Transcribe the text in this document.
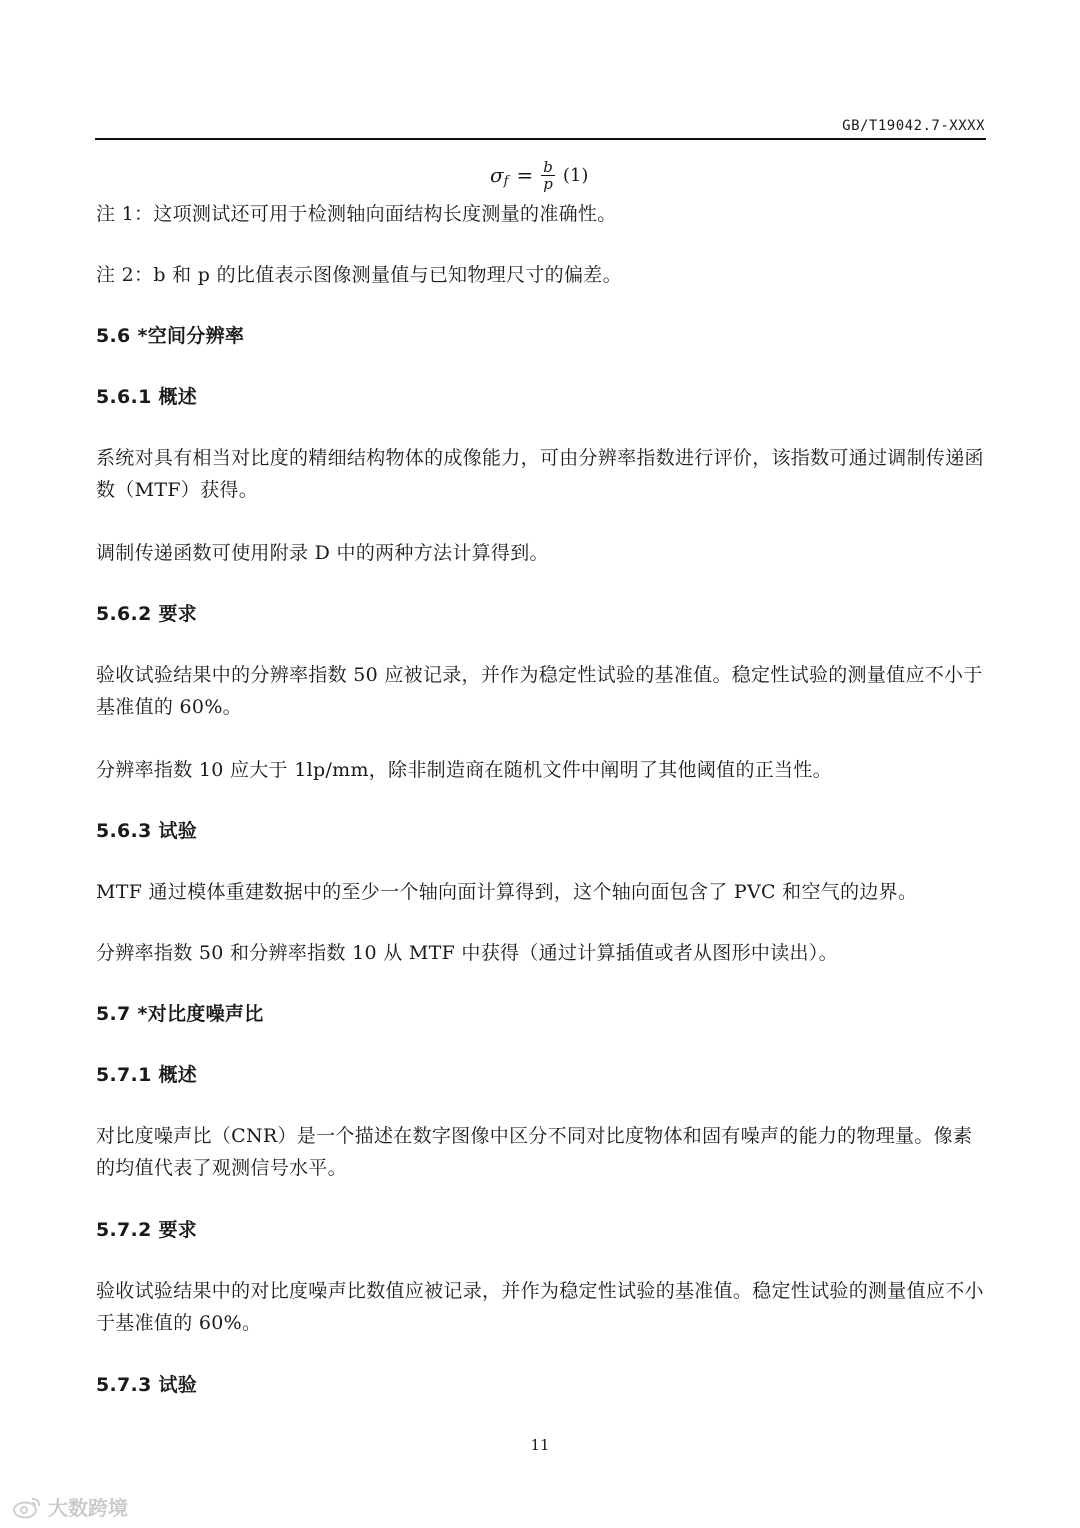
GB/T19042.7-XXXX
σ $f = \frac{b}{p} (1)$
注 1：这项测试还可用于检测轴向面结构长度测量的准确性。
注 2：b 和 p 的比值表示图像测量值与已知物理尺寸的偏差。
5.6 *空间分辨率
5.6.1 概述
系统对具有相当对比度的精细结构物体的成像能力，可由分辨率指数进行评价，该指数可通过调制传递函数（MTF）获得。
调制传递函数可使用附录 D 中的两种方法计算得到。
5.6.2 要求
验收试验结果中的分辨率指数 50 应被记录，并作为稳定性试验的基准值。稳定性试验的测量值应不小于基准值的 60%。
分辨率指数 10 应大于 1lp/mm，除非制造商在随机文件中阐明了其他阈值的正当性。
5.6.3 试验
MTF 通过模体重建数据中的至少一个轴向面计算得到，这个轴向面包含了 PVC 和空气的边界。
分辨率指数 50 和分辨率指数 10 从 MTF 中获得（通过计算插值或者从图形中读出）。
5.7 *对比度噪声比
5.7.1 概述
对比度噪声比（CNR）是一个描述在数字图像中区分不同对比度物体和固有噪声的能力的物理量。像素的均值代表了观测信号水平。
5.7.2 要求
验收试验结果中的对比度噪声比数值应被记录，并作为稳定性试验的基准值。稳定性试验的测量值应不小于基准值的 60%。
5.7.3 试验
11
大数跨境
